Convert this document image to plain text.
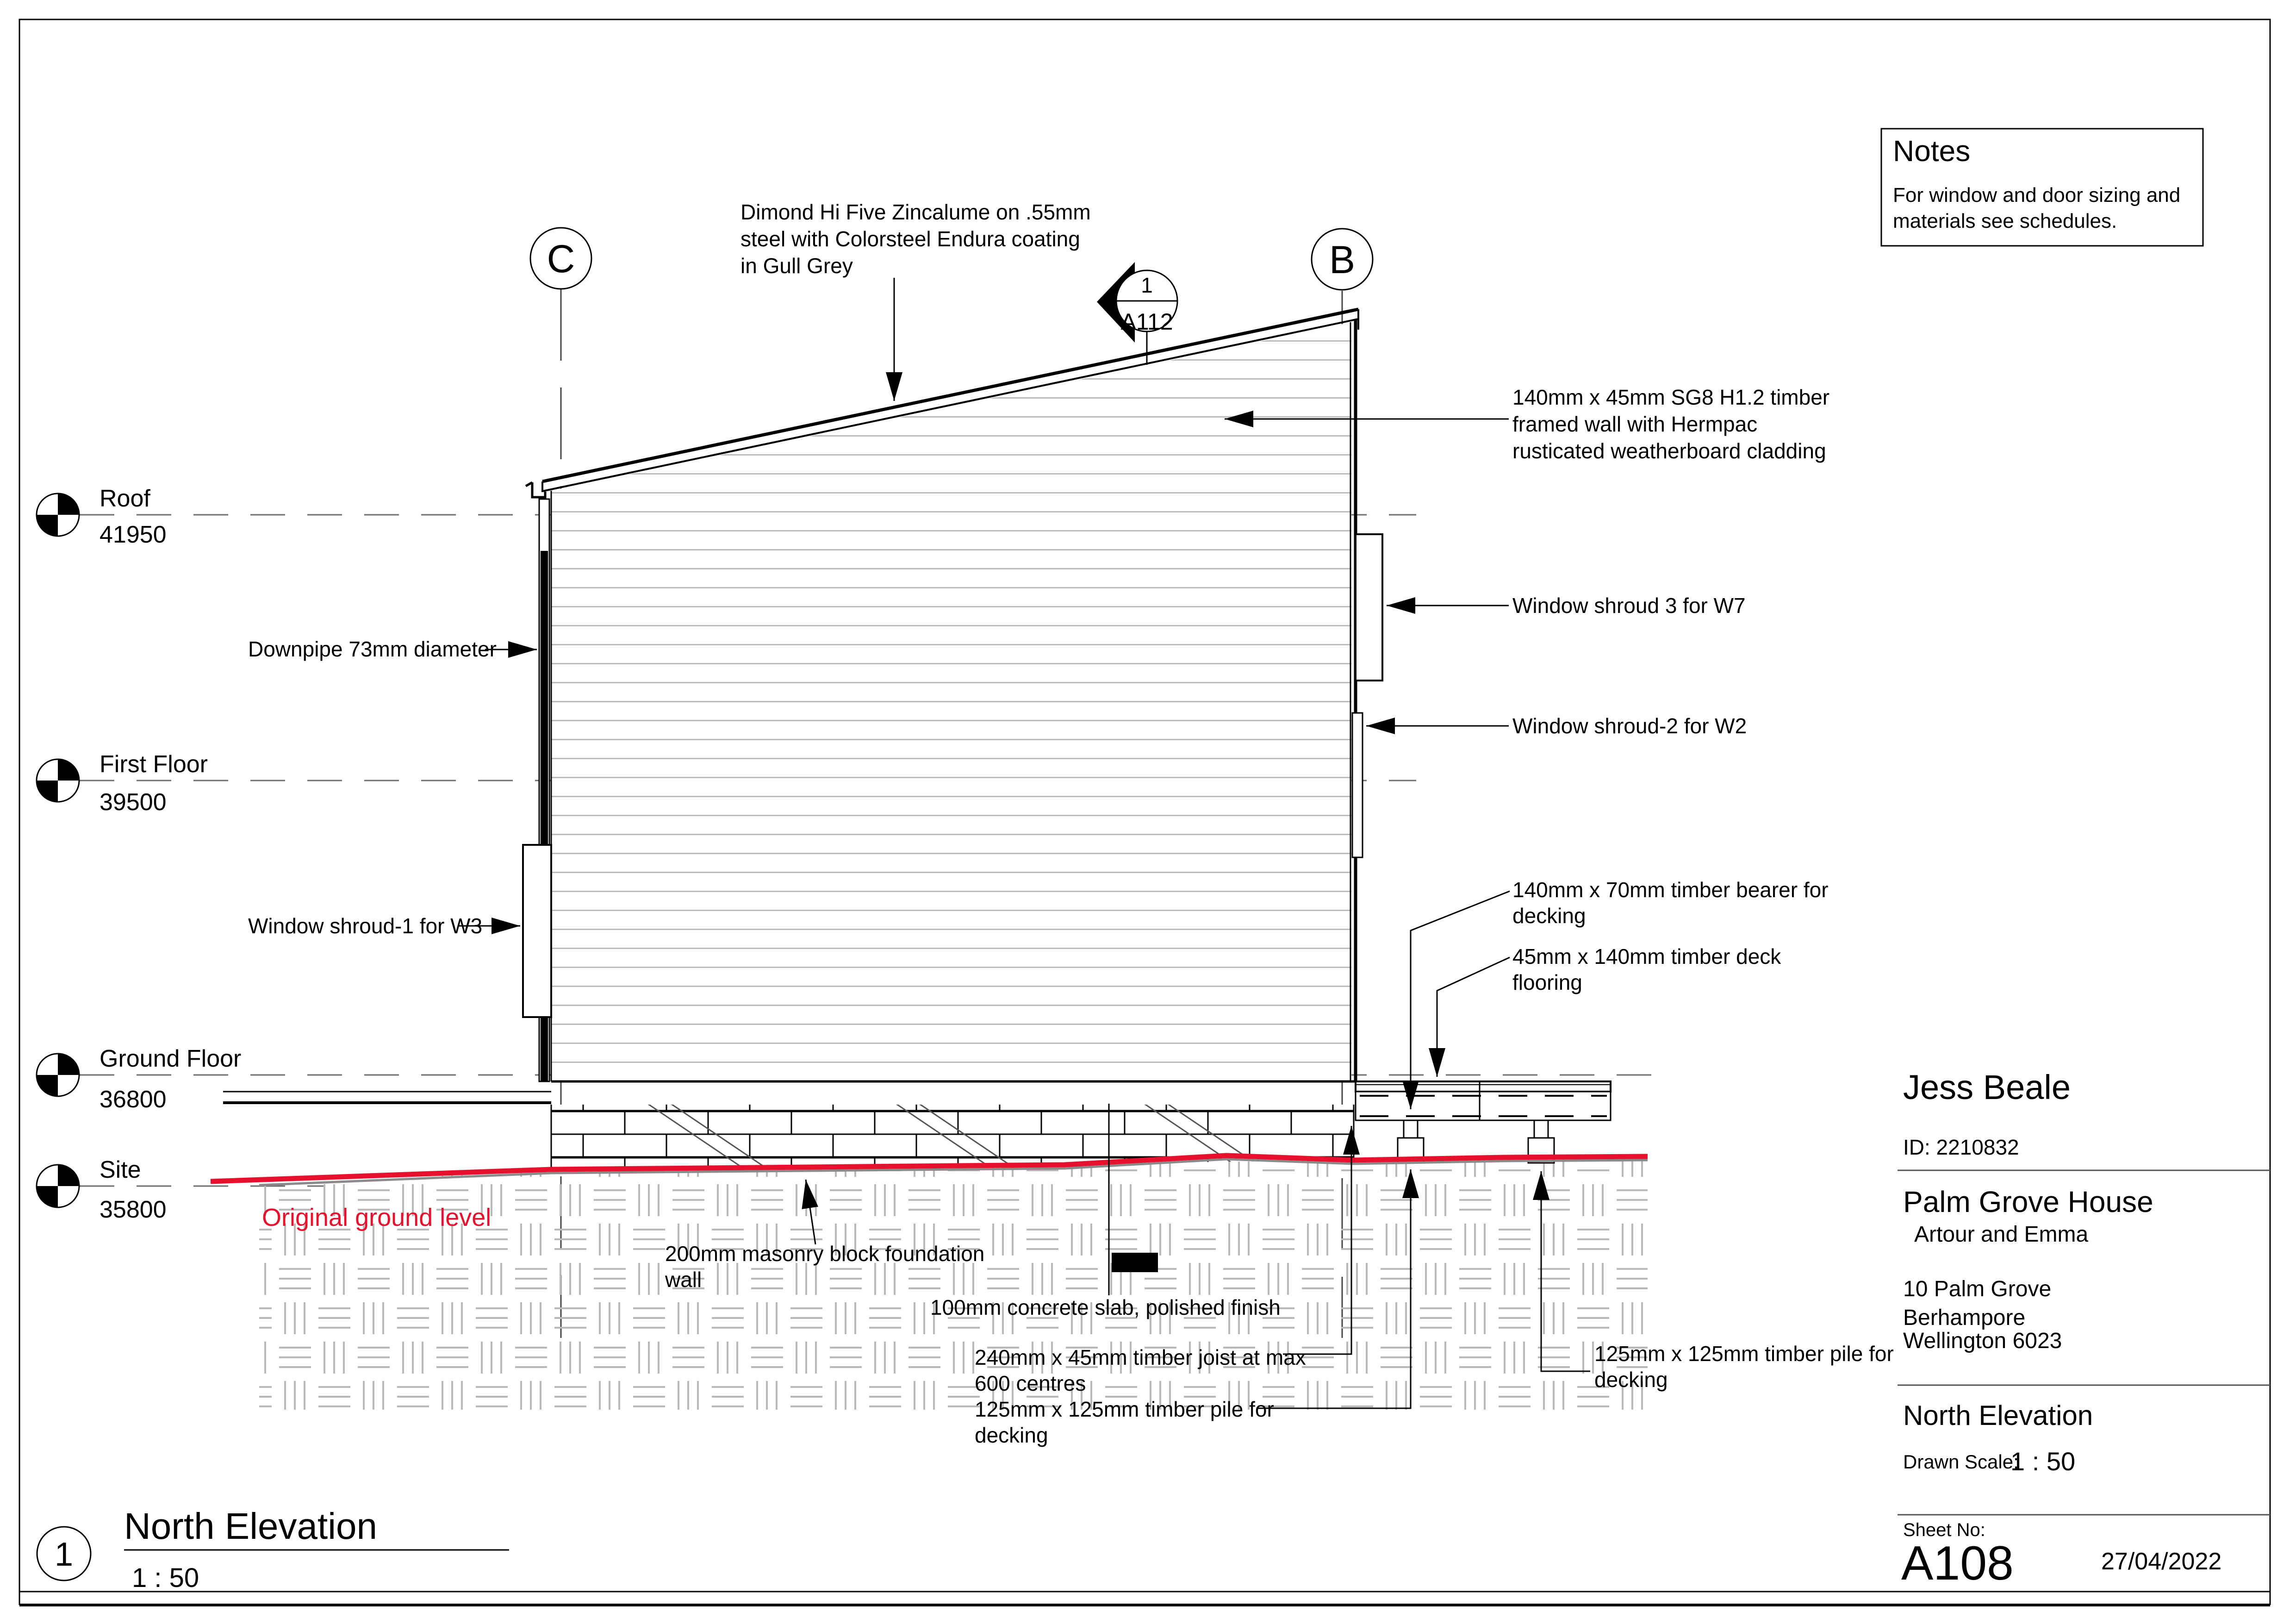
Roof
41950
First Floor
39500
Ground Floor
36800
Site
35800
C	B
1
A112
Dimond Hi Five Zincalume on .55mm
steel with Colorsteel Endura coating
in Gull Grey
140mm x 45mm SG8 H1.2 timber
framed wall with Hermpac
rusticated weatherboard cladding
Window shroud 3 for W7
Window shroud-2 for W2
Downpipe 73mm diameter
Window shroud-1 for W3
140mm x 70mm timber bearer for
decking
45mm x 140mm timber deck
flooring
200mm masonry block foundation
wall
100mm concrete slab, polished finish
240mm x 45mm timber joist at max
600 centres
125mm x 125mm timber pile for
decking
125mm x 125mm timber pile for
decking
Original ground level
Notes
For window and door sizing and
materials see schedules.
Jess Beale
ID: 2210832
Palm Grove House
Artour and Emma
10 Palm Grove
Berhampore
Wellington 6023
North Elevation
Drawn Scale:
1 : 50
Sheet No:
A108	27/04/2022
1
North Elevation
1 : 50
